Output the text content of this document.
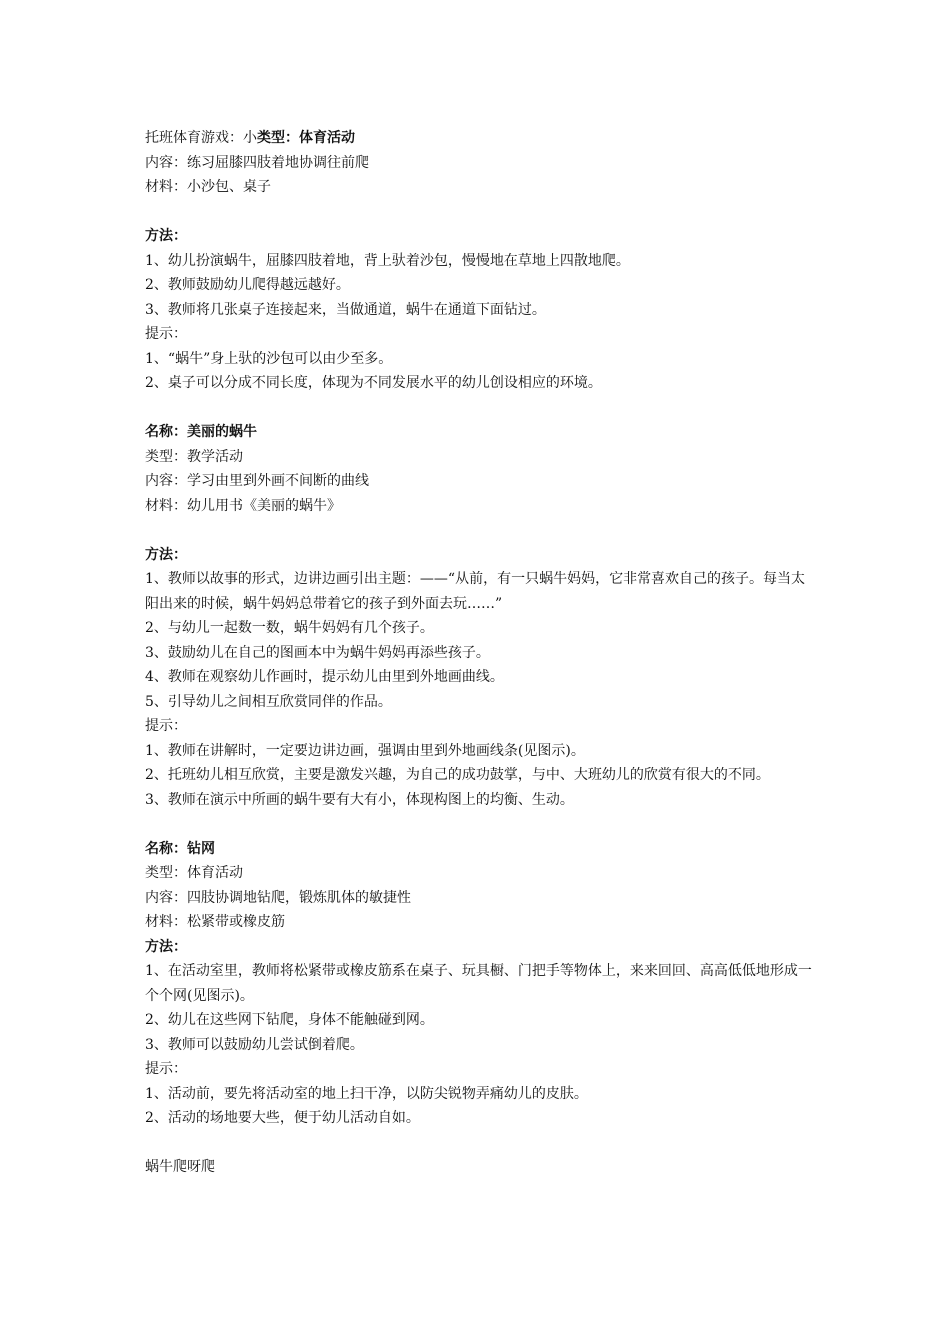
托班体育游戏：小类型：体育活动
内容：练习屈膝四肢着地协调往前爬
材料：小沙包、桌子
方法：
1、幼儿扮演蜗牛，屈膝四肢着地，背上驮着沙包，慢慢地在草地上四散地爬。
2、教师鼓励幼儿爬得越远越好。
3、教师将几张桌子连接起来，当做通道，蜗牛在通道下面钻过。
提示：
1、“蜗牛”身上驮的沙包可以由少至多。
2、桌子可以分成不同长度，体现为不同发展水平的幼儿创设相应的环境。
名称：美丽的蜗牛
类型：教学活动
内容：学习由里到外画不间断的曲线
材料：幼儿用书《美丽的蜗牛》
方法：
1、教师以故事的形式，边讲边画引出主题：——“从前，有一只蜗牛妈妈，它非常喜欢自己的孩子。每当太阳出来的时候，蜗牛妈妈总带着它的孩子到外面去玩……”
2、与幼儿一起数一数，蜗牛妈妈有几个孩子。
3、鼓励幼儿在自己的图画本中为蜗牛妈妈再添些孩子。
4、教师在观察幼儿作画时，提示幼儿由里到外地画曲线。
5、引导幼儿之间相互欣赏同伴的作品。
提示：
1、教师在讲解时，一定要边讲边画，强调由里到外地画线条(见图示)。
2、托班幼儿相互欣赏，主要是激发兴趣，为自己的成功鼓掌，与中、大班幼儿的欣赏有很大的不同。
3、教师在演示中所画的蜗牛要有大有小，体现构图上的均衡、生动。
名称：钻网
类型：体育活动
内容：四肢协调地钻爬，锻炼肌体的敏捷性
材料：松紧带或橡皮筋
方法：
1、在活动室里，教师将松紧带或橡皮筋系在桌子、玩具橱、门把手等物体上，来来回回、高高低低地形成一个个网(见图示)。
2、幼儿在这些网下钻爬，身体不能触碰到网。
3、教师可以鼓励幼儿尝试倒着爬。
提示：
1、活动前，要先将活动室的地上扫干净，以防尖锐物弄痛幼儿的皮肤。
2、活动的场地要大些，便于幼儿活动自如。
蜗牛爬呀爬
